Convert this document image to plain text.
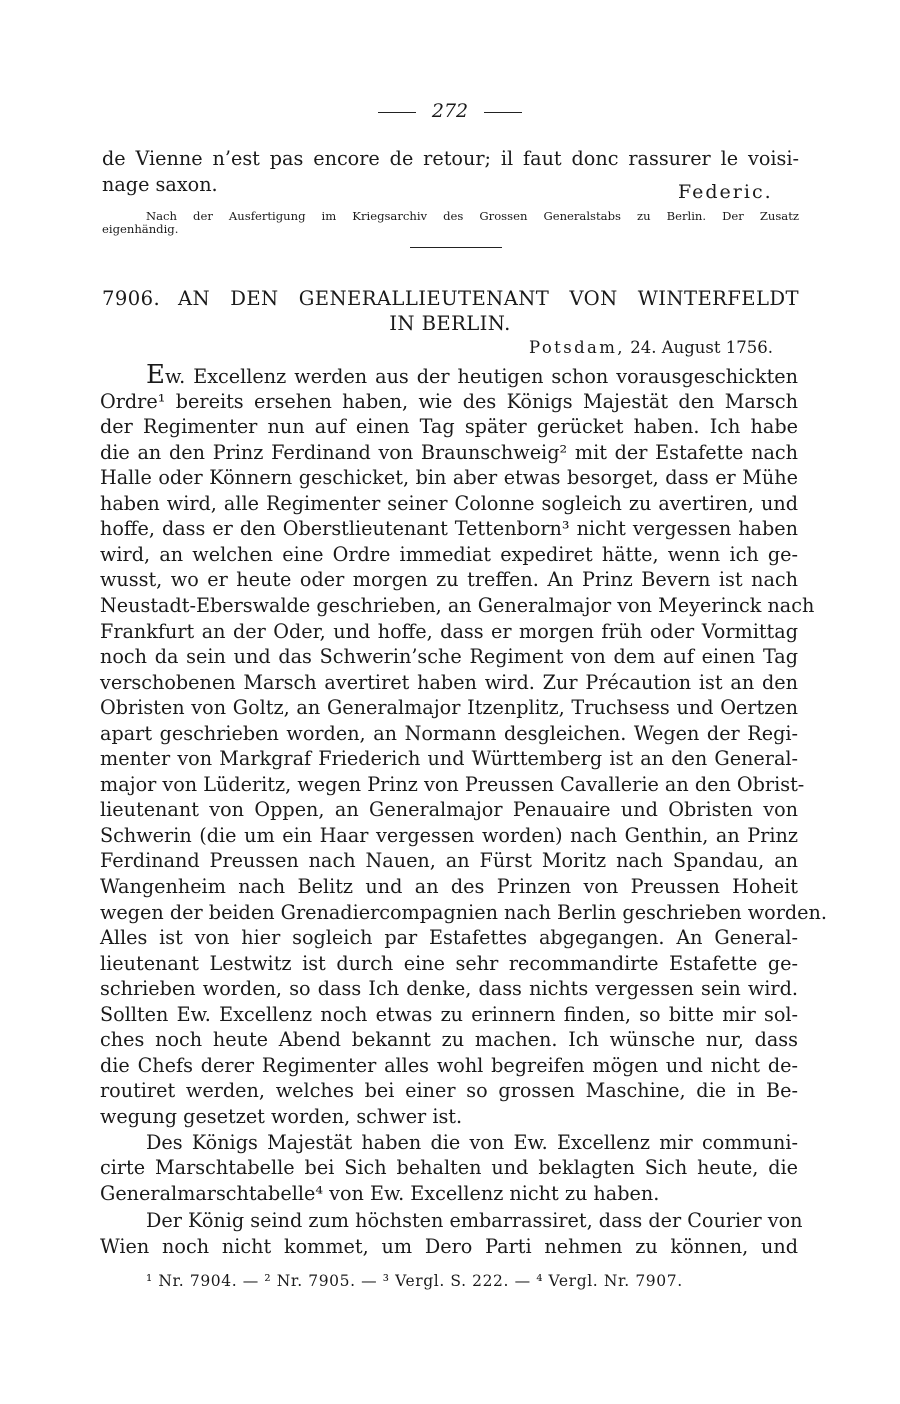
272
de Vienne n’est pas encore de retour; il faut donc rassurer le voisi-
nage saxon.	Federic.
Nach der Ausfertigung im Kriegsarchiv des Grossen Generalstabs zu Berlin. Der Zusatz
eigenhändig.
7906. AN DEN GENERALLIEUTENANT VON WINTERFELDT
IN BERLIN.
Potsdam, 24. August 1756.
Ew. Excellenz werden aus der heutigen schon vorausgeschickten
Ordre¹ bereits ersehen haben, wie des Königs Majestät den Marsch
der Regimenter nun auf einen Tag später gerücket haben. Ich habe
die an den Prinz Ferdinand von Braunschweig² mit der Estafette nach
Halle oder Könnern geschicket, bin aber etwas besorget, dass er Mühe
haben wird, alle Regimenter seiner Colonne sogleich zu avertiren, und
hoffe, dass er den Oberstlieutenant Tettenborn³ nicht vergessen haben
wird, an welchen eine Ordre immediat expediret hätte, wenn ich ge-
wusst, wo er heute oder morgen zu treffen. An Prinz Bevern ist nach
Neustadt-Eberswalde geschrieben, an Generalmajor von Meyerinck nach
Frankfurt an der Oder, und hoffe, dass er morgen früh oder Vormittag
noch da sein und das Schwerin’sche Regiment von dem auf einen Tag
verschobenen Marsch avertiret haben wird. Zur Précaution ist an den
Obristen von Goltz, an Generalmajor Itzenplitz, Truchsess und Oertzen
apart geschrieben worden, an Normann desgleichen. Wegen der Regi-
menter von Markgraf Friederich und Württemberg ist an den General-
major von Lüderitz, wegen Prinz von Preussen Cavallerie an den Obrist-
lieutenant von Oppen, an Generalmajor Penauaire und Obristen von
Schwerin (die um ein Haar vergessen worden) nach Genthin, an Prinz
Ferdinand Preussen nach Nauen, an Fürst Moritz nach Spandau, an
Wangenheim nach Belitz und an des Prinzen von Preussen Hoheit
wegen der beiden Grenadiercompagnien nach Berlin geschrieben worden.
Alles ist von hier sogleich par Estafettes abgegangen. An General-
lieutenant Lestwitz ist durch eine sehr recommandirte Estafette ge-
schrieben worden, so dass Ich denke, dass nichts vergessen sein wird.
Sollten Ew. Excellenz noch etwas zu erinnern finden, so bitte mir sol-
ches noch heute Abend bekannt zu machen. Ich wünsche nur, dass
die Chefs derer Regimenter alles wohl begreifen mögen und nicht de-
routiret werden, welches bei einer so grossen Maschine, die in Be-
wegung gesetzet worden, schwer ist.
Des Königs Majestät haben die von Ew. Excellenz mir communi-
cirte Marschtabelle bei Sich behalten und beklagten Sich heute, die
Generalmarschtabelle⁴ von Ew. Excellenz nicht zu haben.
Der König seind zum höchsten embarrassiret, dass der Courier von
Wien noch nicht kommet, um Dero Parti nehmen zu können, und
¹ Nr. 7904. — ² Nr. 7905. — ³ Vergl. S. 222. — ⁴ Vergl. Nr. 7907.
